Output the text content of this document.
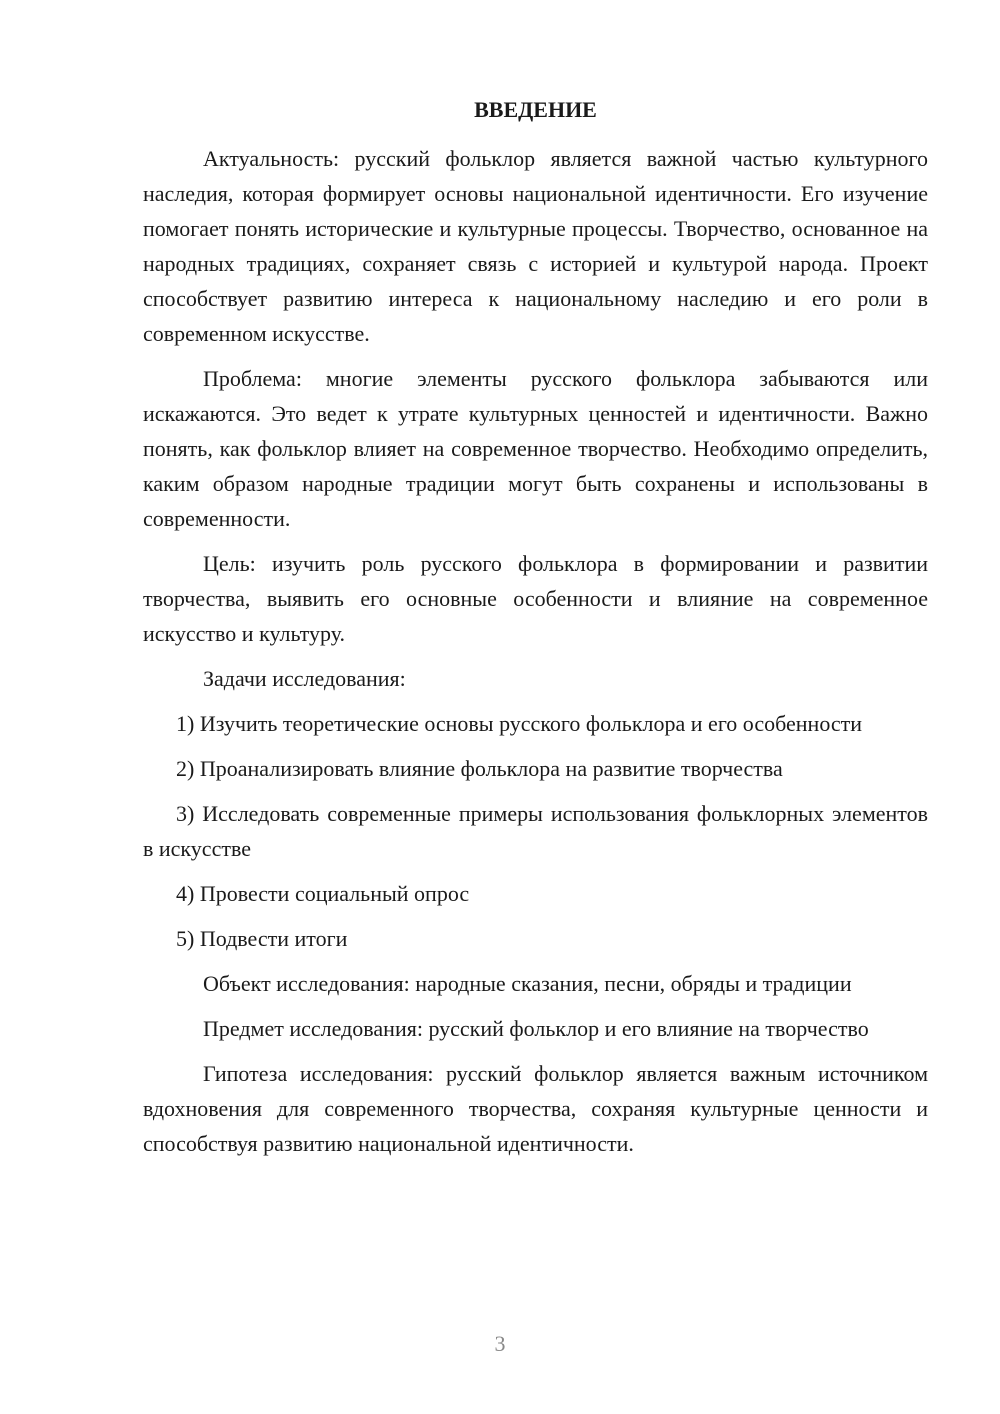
ВВЕДЕНИЕ

Актуальность: русский фольклор является важной частью культурного наследия, которая формирует основы национальной идентичности. Его изучение помогает понять исторические и культурные процессы. Творчество, основанное на народных традициях, сохраняет связь с историей и культурой народа. Проект способствует развитию интереса к национальному наследию и его роли в современном искусстве.

Проблема: многие элементы русского фольклора забываются или искажаются. Это ведет к утрате культурных ценностей и идентичности. Важно понять, как фольклор влияет на современное творчество. Необходимо определить, каким образом народные традиции могут быть сохранены и использованы в современности.

Цель: изучить роль русского фольклора в формировании и развитии творчества, выявить его основные особенности и влияние на современное искусство и культуру.

Задачи исследования:

1) Изучить теоретические основы русского фольклора и его особенности

2) Проанализировать влияние фольклора на развитие творчества

3) Исследовать современные примеры использования фольклорных элементов в искусстве

4) Провести социальный опрос

5) Подвести итоги

Объект исследования: народные сказания, песни, обряды и традиции

Предмет исследования: русский фольклор и его влияние на творчество

Гипотеза исследования: русский фольклор является важным источником вдохновения для современного творчества, сохраняя культурные ценности и способствуя развитию национальной идентичности.

3
